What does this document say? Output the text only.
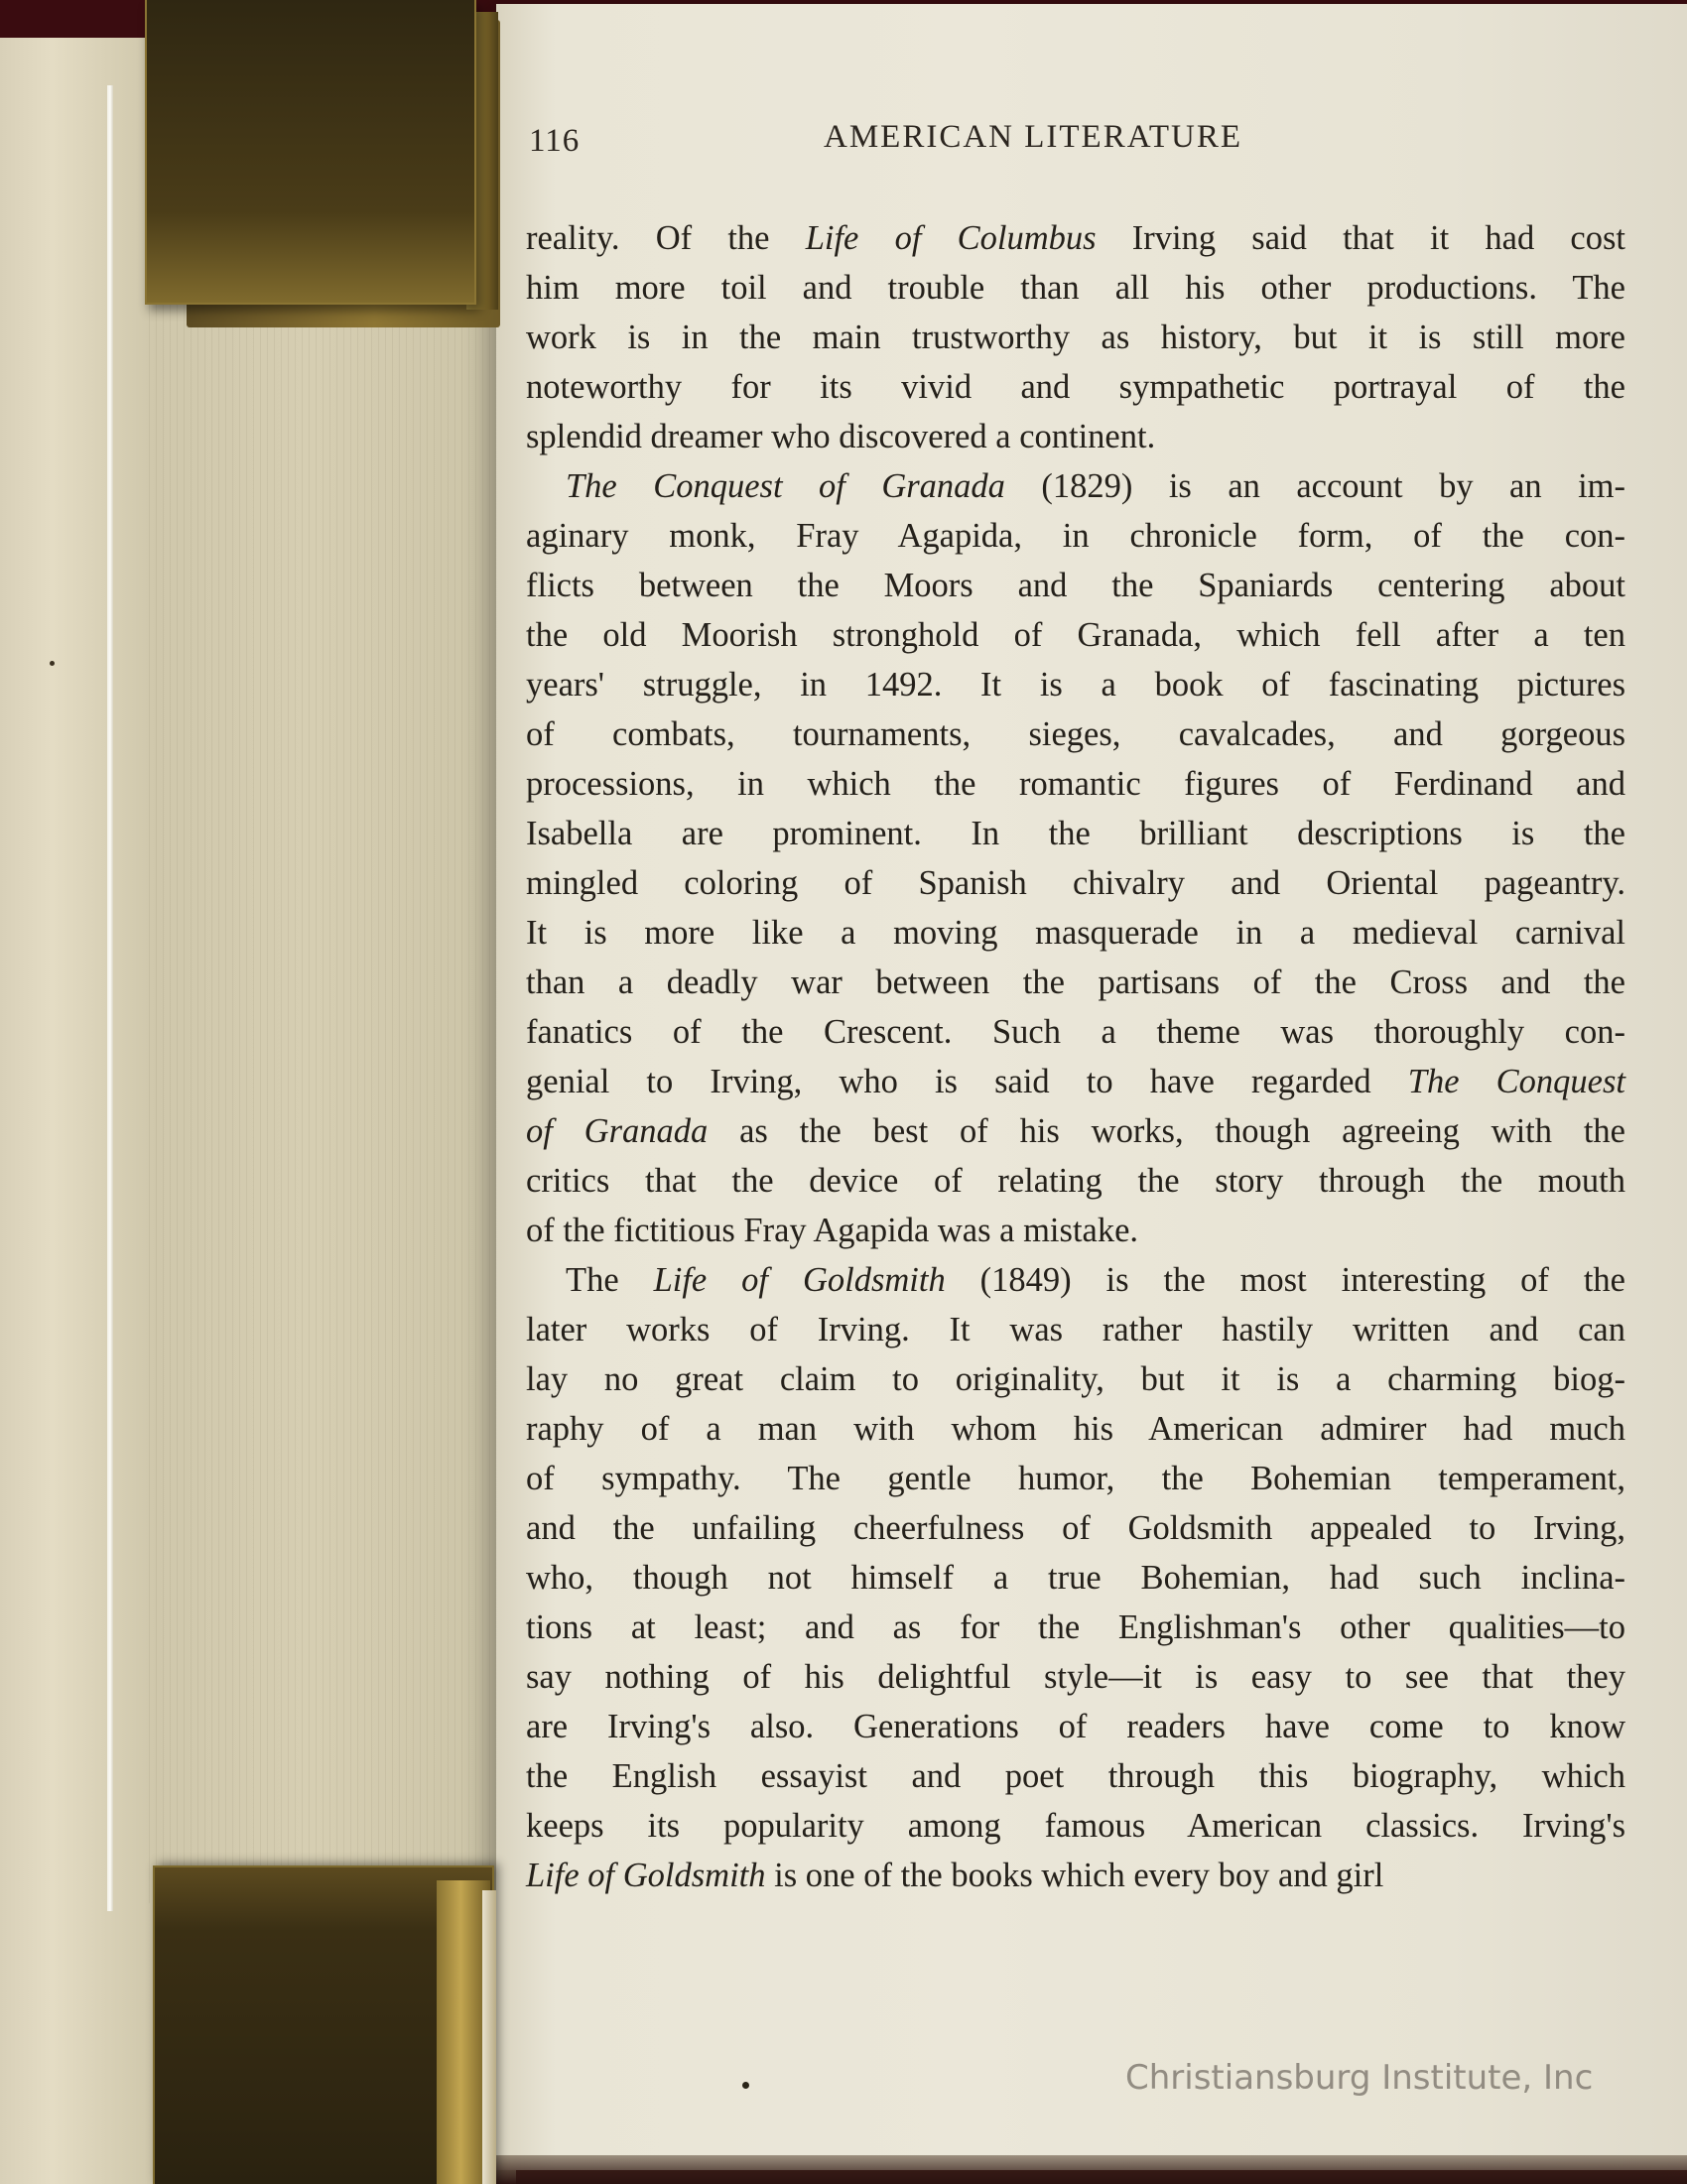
116	AMERICAN LITERATURE
reality. Of the Life of Columbus Irving said that it had cost
him more toil and trouble than all his other productions. The
work is in the main trustworthy as history, but it is still more
noteworthy for its vivid and sympathetic portrayal of the
splendid dreamer who discovered a continent.
The Conquest of Granada (1829) is an account by an im-
aginary monk, Fray Agapida, in chronicle form, of the con-
flicts between the Moors and the Spaniards centering about
the old Moorish stronghold of Granada, which fell after a ten
years' struggle, in 1492. It is a book of fascinating pictures
of combats, tournaments, sieges, cavalcades, and gorgeous
processions, in which the romantic figures of Ferdinand and
Isabella are prominent. In the brilliant descriptions is the
mingled coloring of Spanish chivalry and Oriental pageantry.
It is more like a moving masquerade in a medieval carnival
than a deadly war between the partisans of the Cross and the
fanatics of the Crescent. Such a theme was thoroughly con-
genial to Irving, who is said to have regarded The Conquest
of Granada as the best of his works, though agreeing with the
critics that the device of relating the story through the mouth
of the fictitious Fray Agapida was a mistake.
The Life of Goldsmith (1849) is the most interesting of the
later works of Irving. It was rather hastily written and can
lay no great claim to originality, but it is a charming biog-
raphy of a man with whom his American admirer had much
of sympathy. The gentle humor, the Bohemian temperament,
and the unfailing cheerfulness of Goldsmith appealed to Irving,
who, though not himself a true Bohemian, had such inclina-
tions at least; and as for the Englishman's other qualities—to
say nothing of his delightful style—it is easy to see that they
are Irving's also. Generations of readers have come to know
the English essayist and poet through this biography, which
keeps its popularity among famous American classics. Irving's
Life of Goldsmith is one of the books which every boy and girl
Christiansburg Institute, Inc
